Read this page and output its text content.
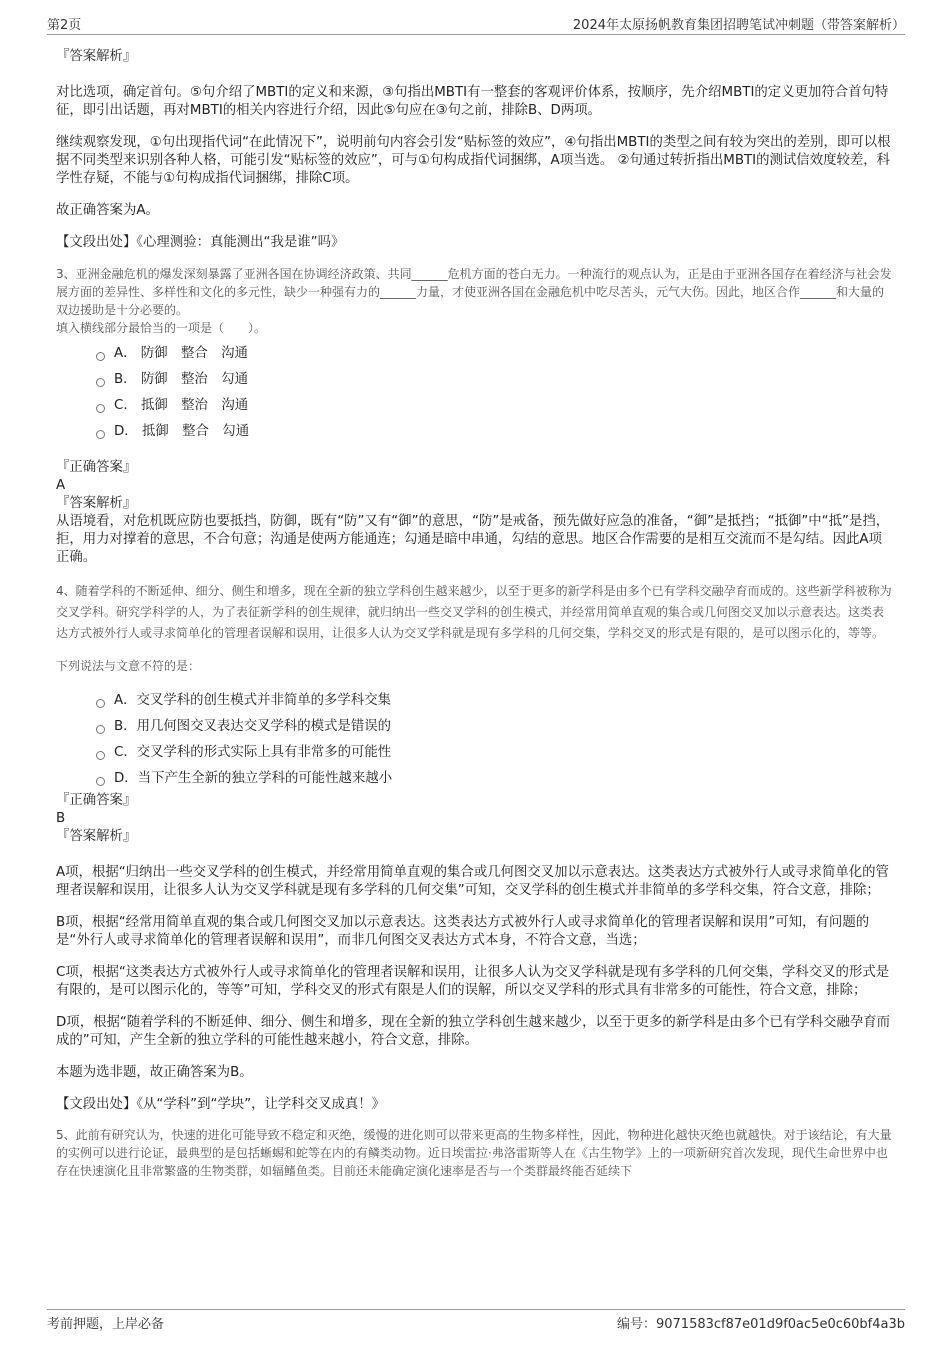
第2页	2024年太原扬帆教育集团招聘笔试冲刺题（带答案解析）
『答案解析』
对比选项，确定首句。⑤句介绍了MBTI的定义和来源，③句指出MBTI有一整套的客观评价体系，按顺序，先介绍MBTI的定义更加符合首句特征，即引出话题，再对MBTI的相关内容进行介绍，因此⑤句应在③句之前，排除B、D两项。
继续观察发现，①句出现指代词“在此情况下”，说明前句内容会引发“贴标签的效应”，④句指出MBTI的类型之间有较为突出的差别，即可以根据不同类型来识别各种人格，可能引发“贴标签的效应”，可与①句构成指代词捆绑，A项当选。 ②句通过转折指出MBTI的测试信效度较差，科学性存疑，不能与①句构成指代词捆绑，排除C项。
故正确答案为A。
【文段出处】《心理测验：真能测出“我是谁”吗》
3、亚洲金融危机的爆发深刻暴露了亚洲各国在协调经济政策、共同______危机方面的苍白无力。一种流行的观点认为，正是由于亚洲各国存在着经济与社会发展方面的差异性、多样性和文化的多元性，缺少一种强有力的______力量，才使亚洲各国在金融危机中吃尽苦头，元气大伤。因此，地区合作______和大量的双边援助是十分必要的。
填入横线部分最恰当的一项是（　　）。
A． 防御　整合　沟通
B． 防御　整治　勾通
C． 抵御　整治　沟通
D． 抵御　整合　勾通
『正确答案』
A
『答案解析』
从语境看，对危机既应防也要抵挡，防御，既有“防”又有“御”的意思，“防”是戒备，预先做好应急的准备，“御”是抵挡；“抵御”中“抵”是挡，拒，用力对撑着的意思，不合句意；沟通是使两方能通连；勾通是暗中串通，勾结的意思。地区合作需要的是相互交流而不是勾结。因此A项正确。
4、随着学科的不断延伸、细分、侧生和增多，现在全新的独立学科创生越来越少，以至于更多的新学科是由多个已有学科交融孕育而成的。这些新学科被称为交叉学科。研究学科学的人，为了表征新学科的创生规律，就归纳出一些交叉学科的创生模式，并经常用简单直观的集合或几何图交叉加以示意表达。这类表达方式被外行人或寻求简单化的管理者误解和误用，让很多人认为交叉学科就是现有多学科的几何交集，学科交叉的形式是有限的，是可以图示化的，等等。
下列说法与文意不符的是：
A．交叉学科的创生模式并非简单的多学科交集
B．用几何图交叉表达交叉学科的模式是错误的
C．交叉学科的形式实际上具有非常多的可能性
D．当下产生全新的独立学科的可能性越来越小
『正确答案』
B
『答案解析』
A项，根据“归纳出一些交叉学科的创生模式，并经常用简单直观的集合或几何图交叉加以示意表达。这类表达方式被外行人或寻求简单化的管理者误解和误用，让很多人认为交叉学科就是现有多学科的几何交集”可知，交叉学科的创生模式并非简单的多学科交集，符合文意，排除；
B项，根据“经常用简单直观的集合或几何图交叉加以示意表达。这类表达方式被外行人或寻求简单化的管理者误解和误用”可知，有问题的是“外行人或寻求简单化的管理者误解和误用”，而非几何图交叉表达方式本身，不符合文意，当选；
C项，根据“这类表达方式被外行人或寻求简单化的管理者误解和误用，让很多人认为交叉学科就是现有多学科的几何交集，学科交叉的形式是有限的，是可以图示化的，等等”可知，学科交叉的形式有限是人们的误解，所以交叉学科的形式具有非常多的可能性，符合文意，排除；
D项，根据“随着学科的不断延伸、细分、侧生和增多，现在全新的独立学科创生越来越少，以至于更多的新学科是由多个已有学科交融孕育而成的”可知，产生全新的独立学科的可能性越来越小，符合文意，排除。
本题为选非题，故正确答案为B。
【文段出处】《从“学科”到“学块”，让学科交叉成真！》
5、此前有研究认为，快速的进化可能导致不稳定和灭绝，缓慢的进化则可以带来更高的生物多样性，因此，物种进化越快灭绝也就越快。对于该结论，有大量的实例可以进行论证，最典型的是包括蜥蜴和蛇等在内的有鳞类动物。近日埃雷拉·弗洛雷斯等人在《古生物学》上的一项新研究首次发现，现代生命世界中也存在快速演化且非常繁盛的生物类群，如辐鳍鱼类。目前还未能确定演化速率是否与一个类群最终能否延续下
考前押题，上岸必备	编号：9071583cf87e01d9f0ac5e0c60bf4a3b
